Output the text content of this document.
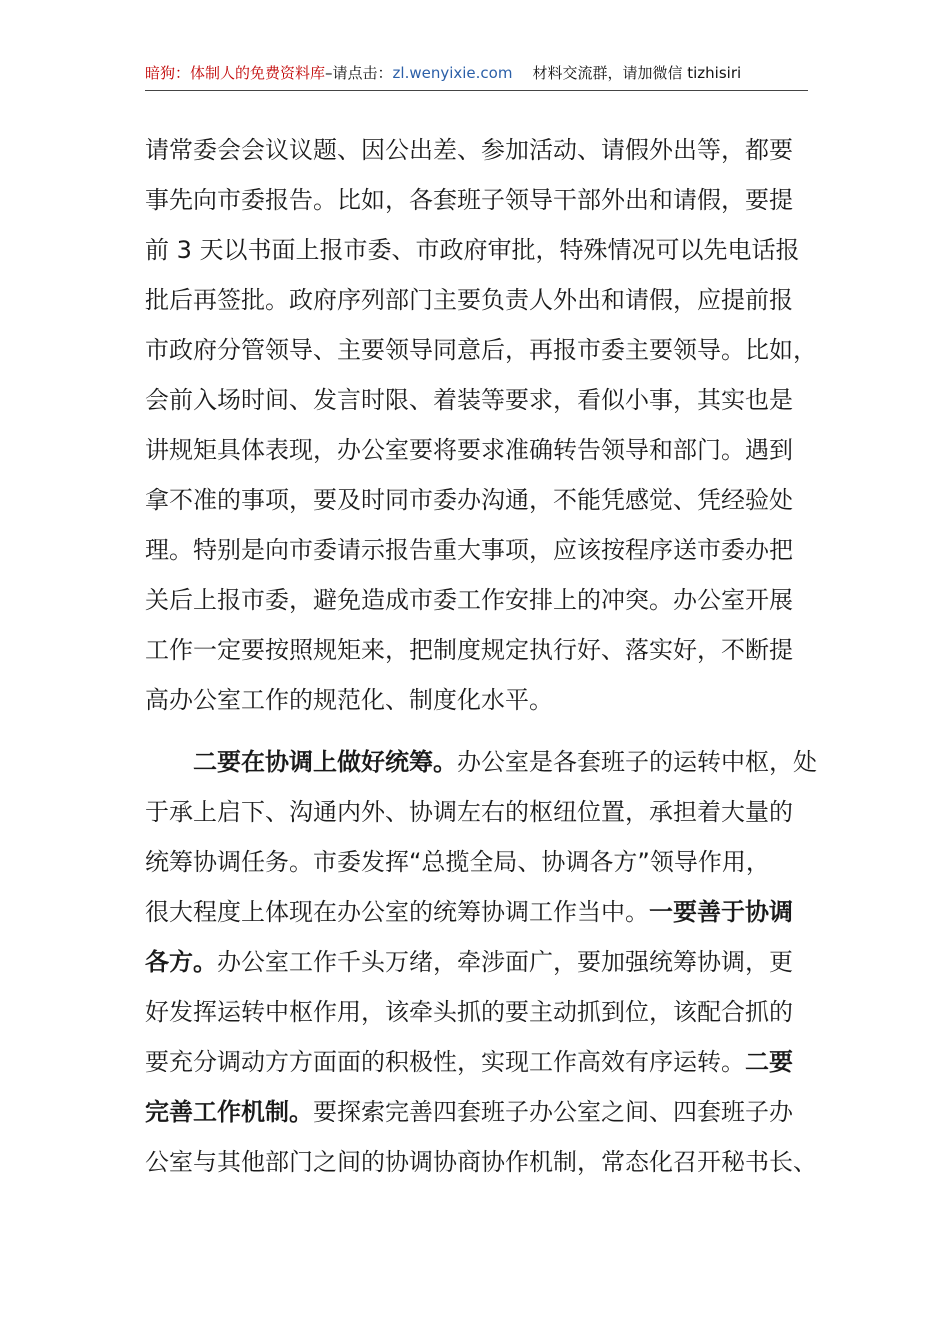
暗狗：体制人的免费资料库–请点击：zl.wenyixie.com 材料交流群，请加微信 tizhisiri
请常委会会议议题、因公出差、参加活动、请假外出等，都要
事先向市委报告。比如，各套班子领导干部外出和请假，要提
前 3 天以书面上报市委、市政府审批，特殊情况可以先电话报
批后再签批。政府序列部门主要负责人外出和请假，应提前报
市政府分管领导、主要领导同意后，再报市委主要领导。比如，
会前入场时间、发言时限、着装等要求，看似小事，其实也是
讲规矩具体表现，办公室要将要求准确转告领导和部门。遇到
拿不准的事项，要及时同市委办沟通，不能凭感觉、凭经验处
理。特别是向市委请示报告重大事项，应该按程序送市委办把
关后上报市委，避免造成市委工作安排上的冲突。办公室开展
工作一定要按照规矩来，把制度规定执行好、落实好，不断提
高办公室工作的规范化、制度化水平。
二要在协调上做好统筹。办公室是各套班子的运转中枢，处
于承上启下、沟通内外、协调左右的枢纽位置，承担着大量的
统筹协调任务。市委发挥“总揽全局、协调各方”领导作用，
很大程度上体现在办公室的统筹协调工作当中。一要善于协调
各方。办公室工作千头万绪，牵涉面广，要加强统筹协调，更
好发挥运转中枢作用，该牵头抓的要主动抓到位，该配合抓的
要充分调动方方面面的积极性，实现工作高效有序运转。二要
完善工作机制。要探索完善四套班子办公室之间、四套班子办
公室与其他部门之间的协调协商协作机制，常态化召开秘书长、
